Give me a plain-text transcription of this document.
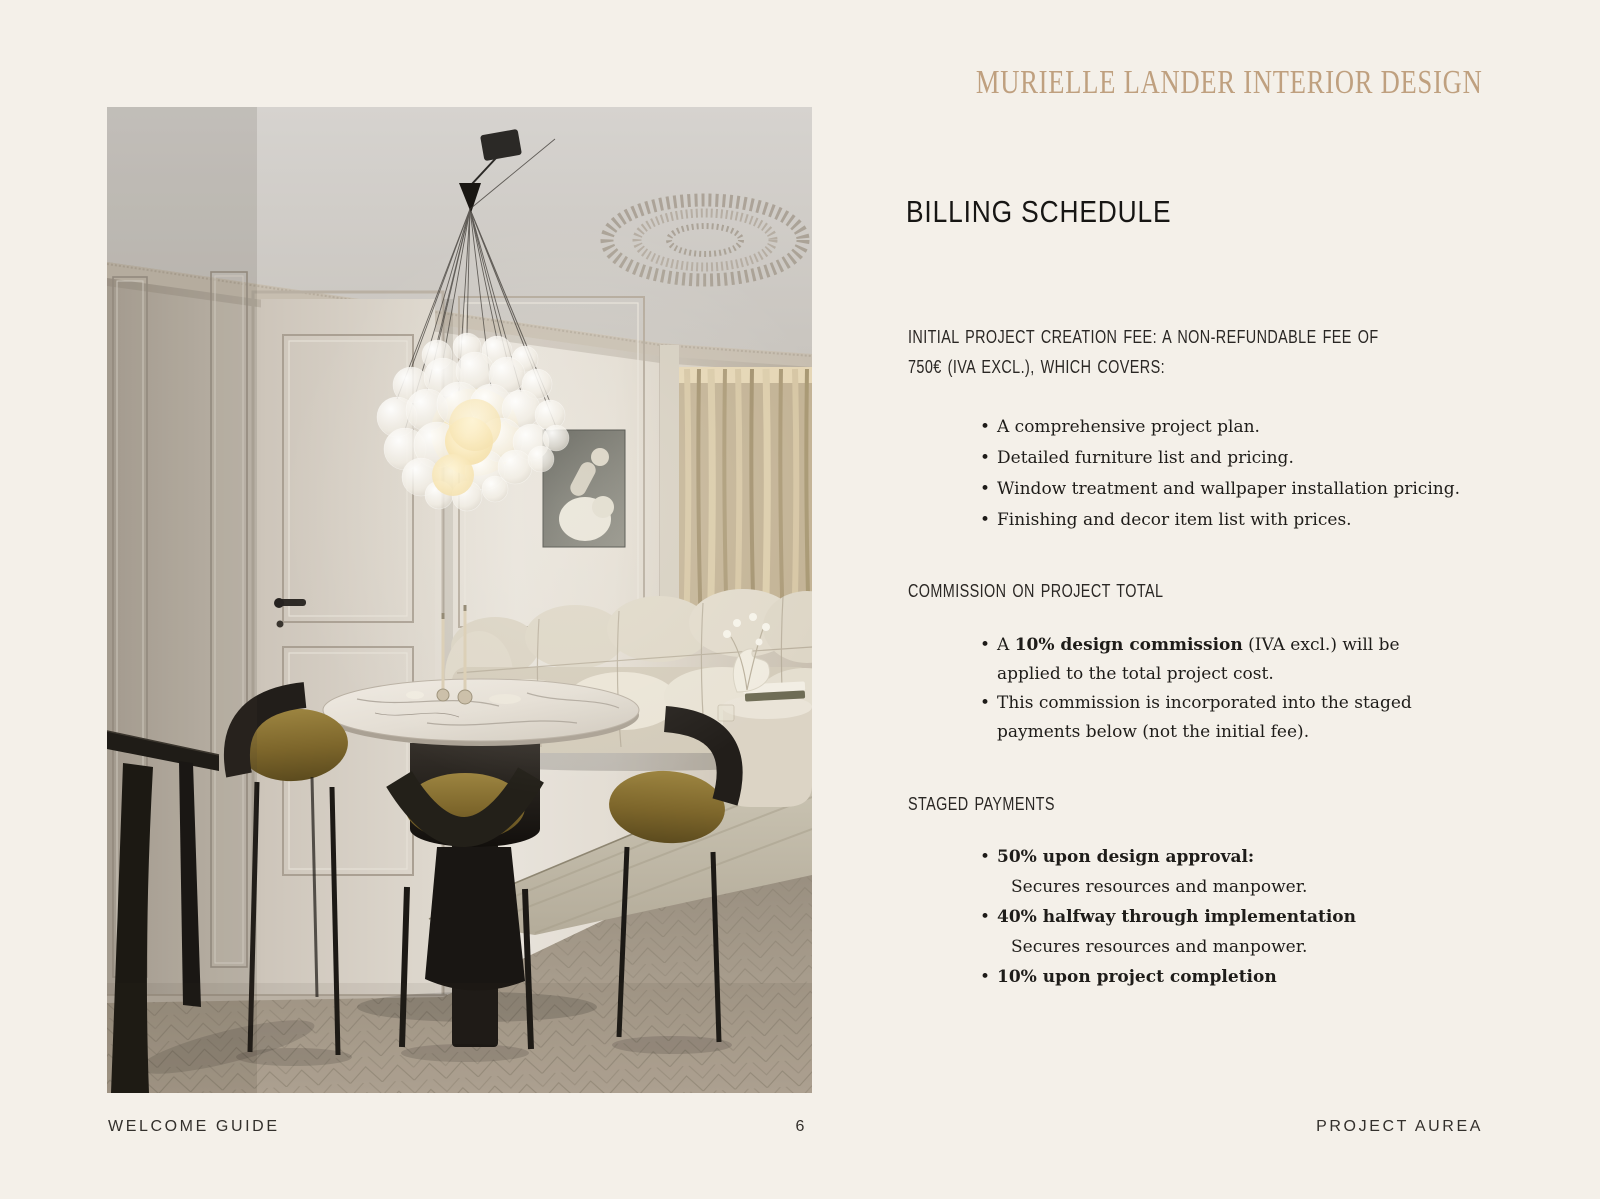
MURIELLE LANDER INTERIOR DESIGN
BILLING SCHEDULE
INITIAL PROJECT CREATION FEE: A NON-REFUNDABLE FEE OF
750€ (IVA EXCL.), WHICH COVERS:
• A comprehensive project plan.
• Detailed furniture list and pricing.
• Window treatment and wallpaper installation pricing.
• Finishing and decor item list with prices.
COMMISSION ON PROJECT TOTAL
• A 10% design commission (IVA excl.) will be applied to the total project cost.
• This commission is incorporated into the staged payments below (not the initial fee).
STAGED PAYMENTS
• 50% upon design approval:
Secures resources and manpower.
• 40% halfway through implementation
Secures resources and manpower.
• 10% upon project completion
WELCOME GUIDE	6	PROJECT AUREA
